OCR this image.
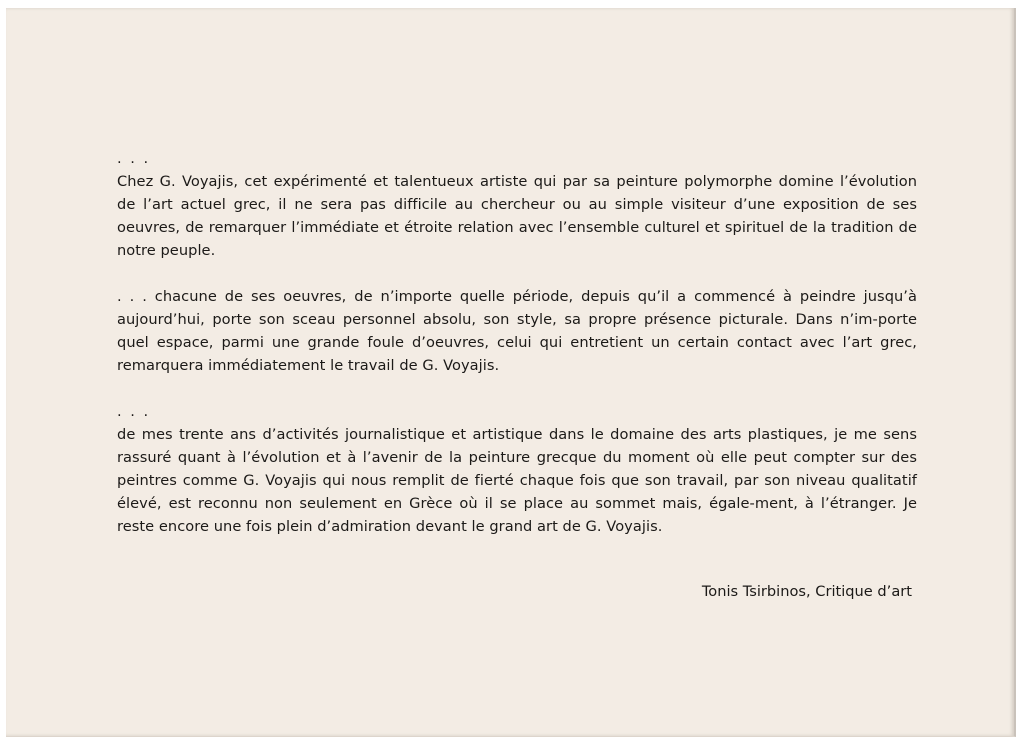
. . .
Chez G. Voyajis, cet expérimenté et talentueux artiste qui par sa peinture polymorphe domine l’évolution de l’art actuel grec, il ne sera pas difficile au chercheur ou au simple visiteur d’une exposition de ses oeuvres, de remarquer l’immédiate et étroite relation avec l’ensemble culturel et spirituel de la tradition de notre peuple.
. . . chacune de ses oeuvres, de n’importe quelle période, depuis qu’il a commencé à peindre jusqu’à aujourd’hui, porte son sceau personnel absolu, son style, sa propre présence picturale. Dans n’im-porte quel espace, parmi une grande foule d’oeuvres, celui qui entretient un certain contact avec l’art grec, remarquera immédiatement le travail de G. Voyajis.
. . .
de mes trente ans d’activités journalistique et artistique dans le domaine des arts plastiques, je me sens rassuré quant à l’évolution et à l’avenir de la peinture grecque du moment où elle peut compter sur des peintres comme G. Voyajis qui nous remplit de fierté chaque fois que son travail, par son niveau qualitatif élevé, est reconnu non seulement en Grèce où il se place au sommet mais, égale-ment, à l’étranger. Je reste encore une fois plein d’admiration devant le grand art de G. Voyajis.
Tonis Tsirbinos, Critique d’art
